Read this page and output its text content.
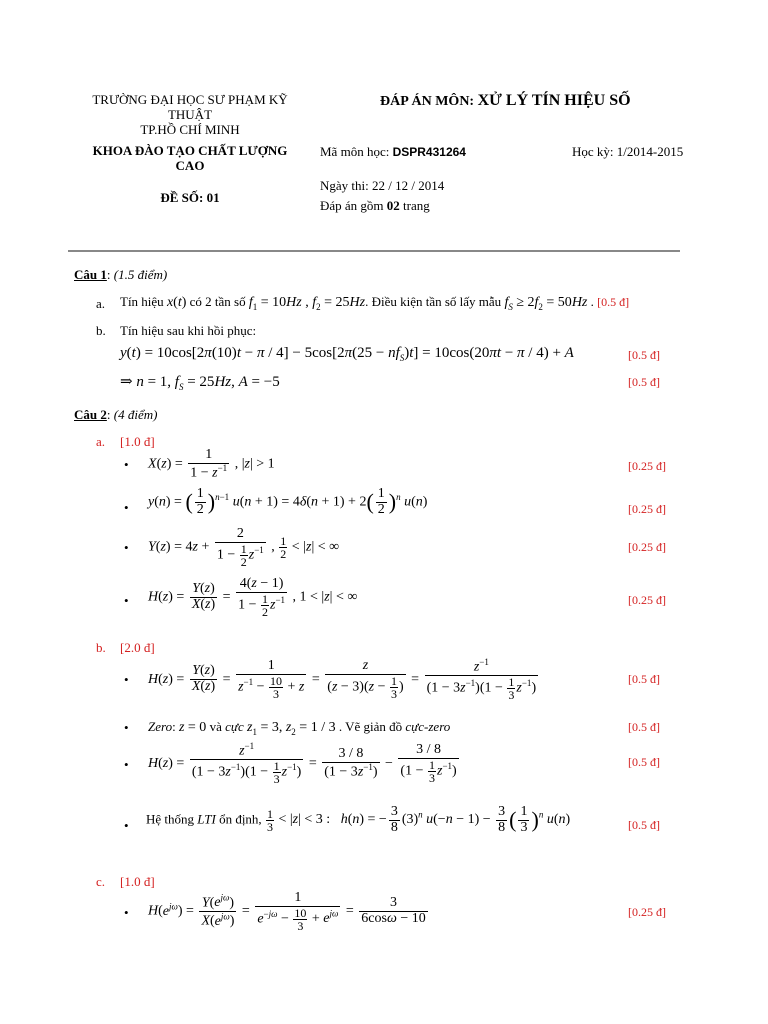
TRƯỜNG ĐẠI HỌC SƯ PHẠM KỸ
THUẬT
TP.HỒ CHÍ MINH
KHOA ĐÀO TẠO CHẤT LƯỢNG
CAO
ĐỀ SỐ: 01
ĐÁP ÁN MÔN: XỬ LÝ TÍN HIỆU SỐ
Mã môn học: DSPR431264	Học kỳ: 1/2014-2015
Ngày thi: 22 / 12 / 2014
Đáp án gồm 02 trang
Câu 1: (1.5 điểm)
a. Tín hiệu x(t) có 2 tần số $f_1 = 10Hz$ , $f_2 = 25Hz$. Điều kiện tần số lấy mẫu $f_S \ge 2f_2 = 50Hz$ . [0.5 đ]
b. Tín hiệu sau khi hồi phục:
$y(t) = 10\cos[2\pi(10)t - \pi / 4] - 5\cos[2\pi(25 - nf_S)t] = 10\cos(20\pi t - \pi / 4) + A$	[0.5 đ]
⇒ n = 1, $f_S = 25Hz$, A = −5	[0.5 đ]
Câu 2: (4 điểm)
a. [1.0 đ]
• $X(z) = \frac{1}{1 - z^{-1}}$ , |z| > 1	[0.25 đ]
• y(n) = ( $\frac{1}{2} )^{n-1}$ $u(n + 1) = 4\delta(n + 1) + 2( \frac{1}{2} )^n$ u(n)	[0.25 đ]
• $Y(z) = 4z + \frac{2}{1 - \frac{1}{2} z^{-1}}$ , $\frac{1}{2} < |z|$ < ∞	[0.25 đ]
• $H(z) = \frac{Y(z)}{X(z)} = \frac{4(z - 1)}{1 - \frac{1}{2} z^{-1}}$ , 1 < |z| < ∞	[0.25 đ]
b. [2.0 đ]
• $H(z) = \frac{Y(z)}{X(z)} = \frac{1}{z^{-1} - \frac{10}{3} + z} = \frac{z}{(z - 3)(z - \frac{1}{3} )} = \frac{z^{-1}}{(1 - 3z^{-1})(1 - \frac{1}{3} z^{-1})}$	[0.5 đ]
• Zero: z = 0 và cực $z_1 = 3$, $z_2 = 1 / 3$ . Vẽ giản đồ cực-zero	[0.5 đ]
• $H(z) = \frac{z^{-1}}{(1 - 3z^{-1})(1 - \frac{1}{3} z^{-1})} = \frac{3 / 8}{(1 - 3z^{-1})} - \frac{3 / 8}{(1 - \frac{1}{3} z^{-1})}$	[0.5 đ]
• Hệ thống LTI ổn định, $\frac{1}{3} < |z| < 3$ :   h(n) = − $\frac{3}{8} (3)^n$ $u(-n - 1) - \frac{3}{8}$ ( $\frac{1}{3} )^n$ u(n)	[0.5 đ]
c. [1.0 đ]
• $H(e^{j\omega}) = \frac{Y(e^{j\omega})}{X(e^{j\omega})} = \frac{1}{e^{-j\omega} - \frac{10}{3} + e^{j\omega}} = \frac{3}{6\cos\omega - 10}$	[0.25 đ]
